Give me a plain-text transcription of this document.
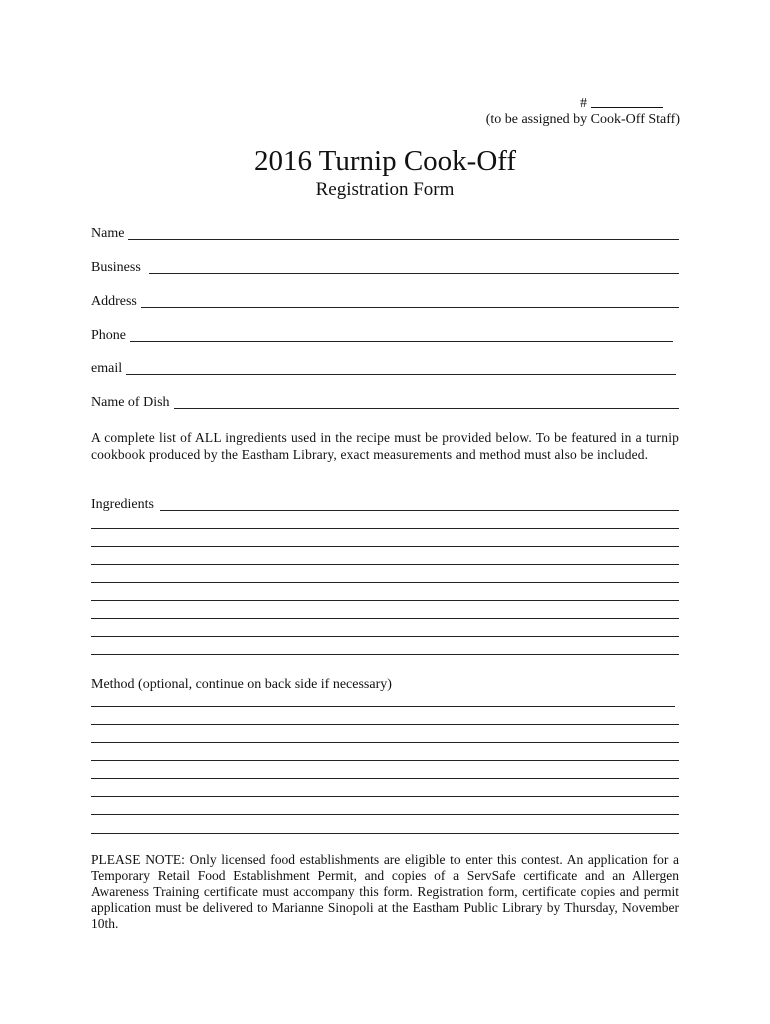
#
(to be assigned by Cook-Off Staff)
2016 Turnip Cook-Off
Registration Form
Name
Business
Address
Phone
email
Name of Dish
A complete list of ALL ingredients used in the recipe must be provided below. To be featured in a turnip cookbook produced by the Eastham Library, exact measurements and method must also be included.
Ingredients
Method (optional, continue on back side if necessary)
PLEASE NOTE: Only licensed food establishments are eligible to enter this contest. An application for a Temporary Retail Food Establishment Permit, and copies of a ServSafe certificate and an Allergen Awareness Training certificate must accompany this form. Registration form, certificate copies and permit application must be delivered to Marianne Sinopoli at the Eastham Public Library by Thursday, November 10th.
